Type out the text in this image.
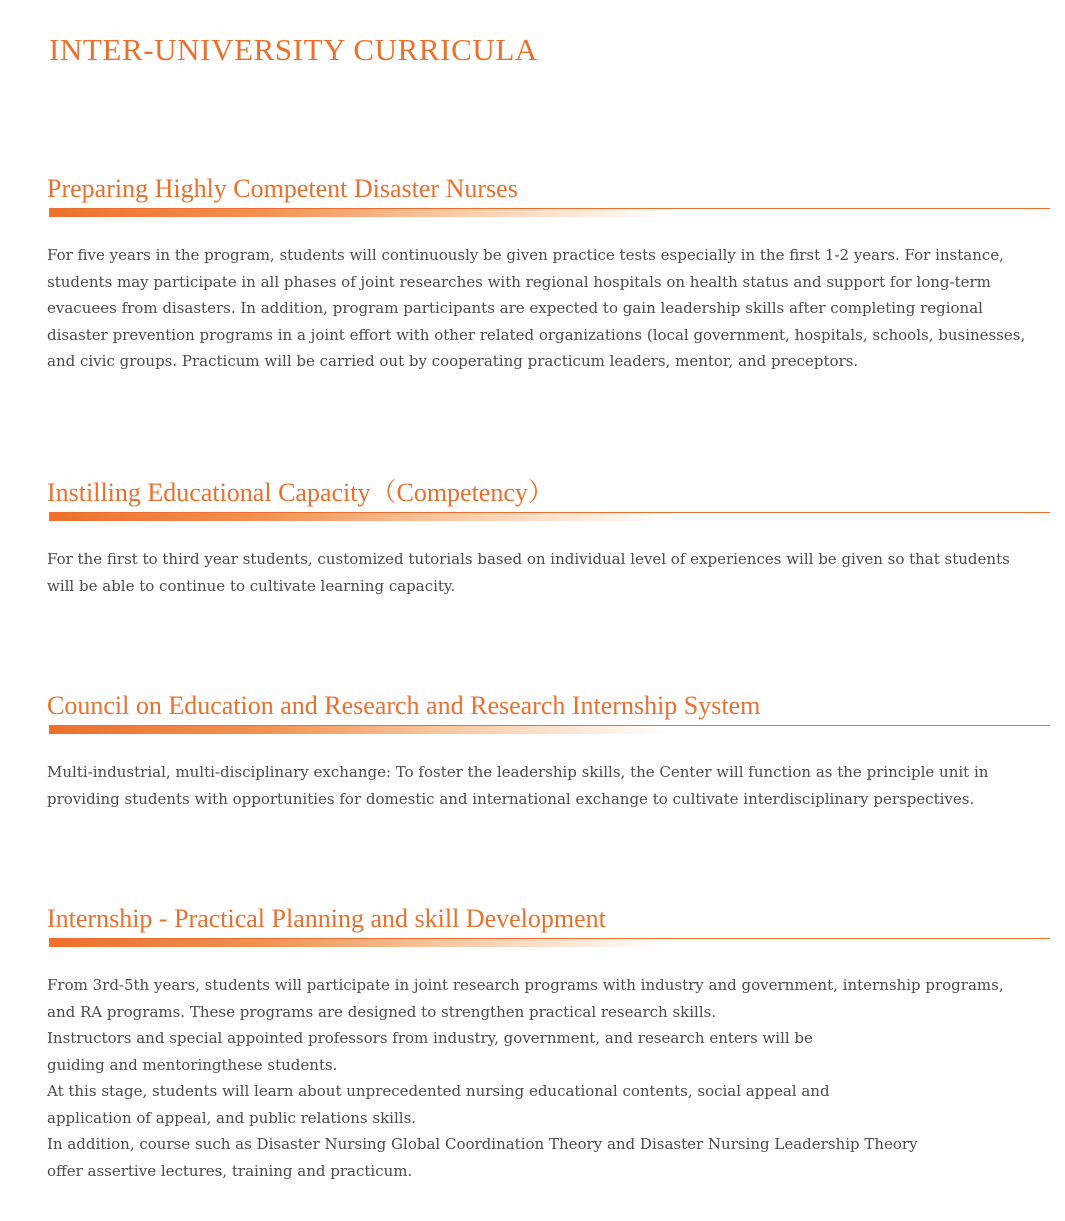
INTER-UNIVERSITY CURRICULA
Preparing Highly Competent Disaster Nurses

For five years in the program, students will continuously be given practice tests especially in the first 1-2 years. For instance,

students may participate in all phases of joint researches with regional hospitals on health status and support for long-term

evacuees from disasters. In addition, program participants are expected to gain leadership skills after completing regional

disaster prevention programs in a joint effort with other related organizations (local government, hospitals, schools, businesses,

and civic groups. Practicum will be carried out by cooperating practicum leaders, mentor, and preceptors.

Instilling Educational Capacity（Competency）

For the first to third year students, customized tutorials based on individual level of experiences will be given so that students

will be able to continue to cultivate learning capacity.

Council on Education and Research and Research Internship System

Multi-industrial, multi-disciplinary exchange: To foster the leadership skills, the Center will function as the principle unit in

providing students with opportunities for domestic and international exchange to cultivate interdisciplinary perspectives.

Internship - Practical Planning and skill Development

From 3rd-5th years, students will participate in joint research programs with industry and government, internship programs,

and RA programs. These programs are designed to strengthen practical research skills.

Instructors and special appointed professors from industry, government, and research enters will be

guiding and mentoringthese students.

At this stage, students will learn about unprecedented nursing educational contents, social appeal and

application of appeal, and public relations skills.

In addition, course such as Disaster Nursing Global Coordination Theory and Disaster Nursing Leadership Theory

offer assertive lectures, training and practicum.
